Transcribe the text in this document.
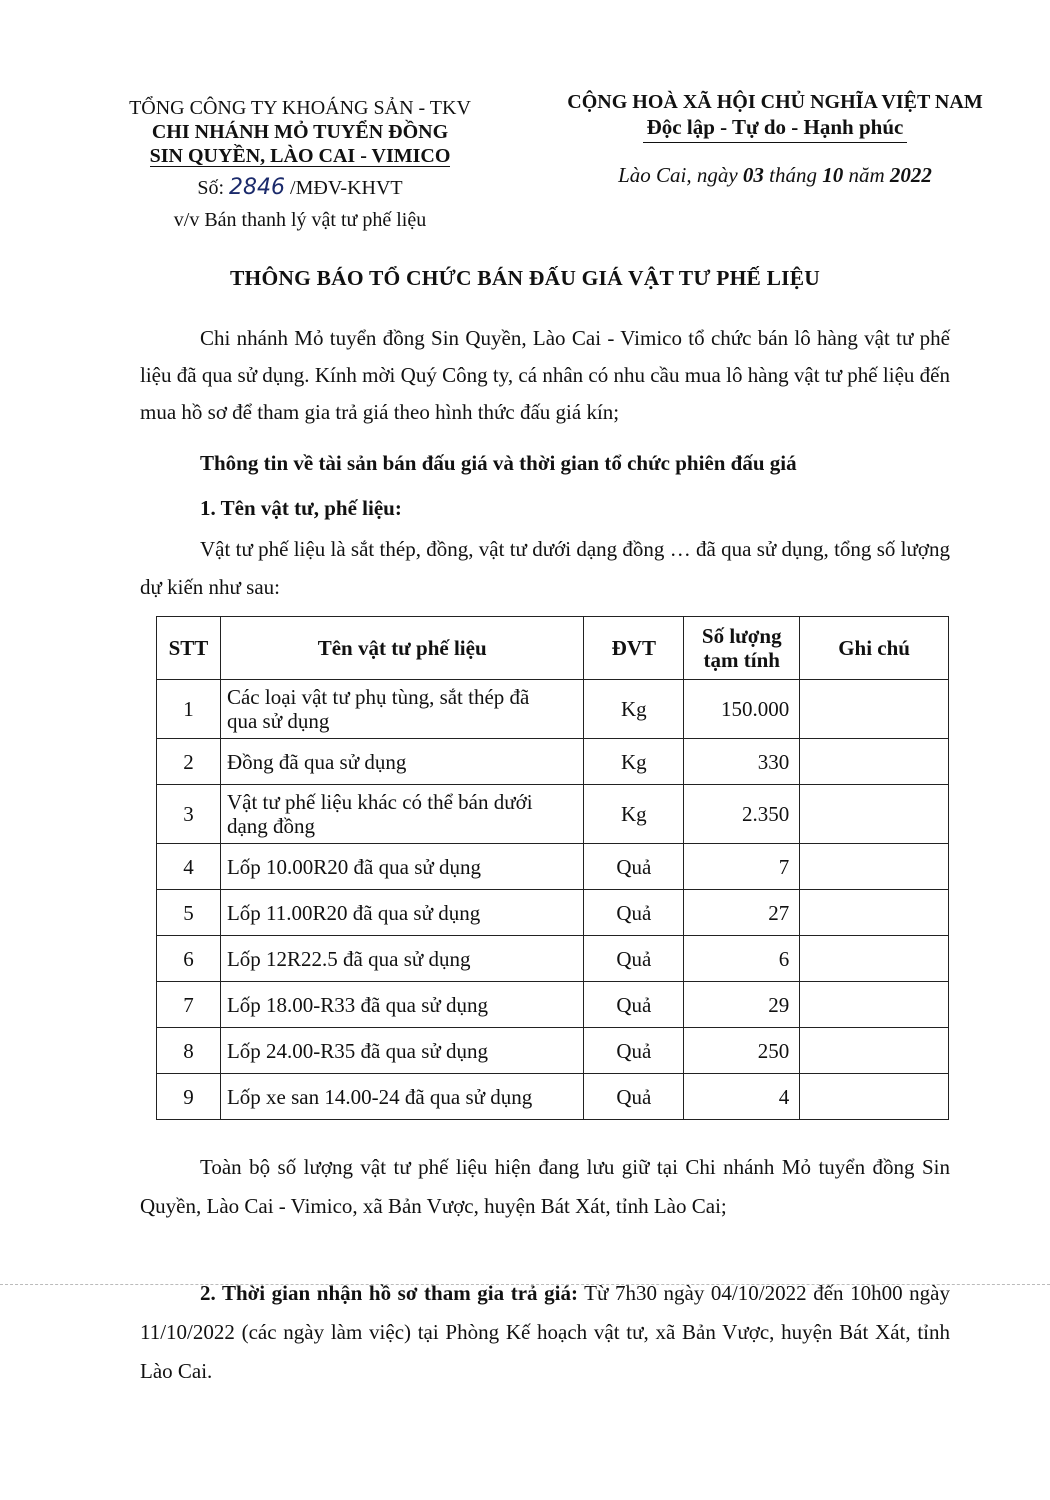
TỔNG CÔNG TY KHOÁNG SẢN - TKV
CHI NHÁNH MỎ TUYỂN ĐỒNG
SIN QUYỀN, LÀO CAI - VIMICO
Số: 2846 /MĐV-KHVT
v/v Bán thanh lý vật tư phế liệu
CỘNG HOÀ XÃ HỘI CHỦ NGHĨA VIỆT NAM
Độc lập - Tự do - Hạnh phúc
Lào Cai, ngày 03 tháng 10 năm 2022
THÔNG BÁO TỔ CHỨC BÁN ĐẤU GIÁ VẬT TƯ PHẾ LIỆU
Chi nhánh Mỏ tuyển đồng Sin Quyền, Lào Cai - Vimico tổ chức bán lô hàng vật tư phế liệu đã qua sử dụng. Kính mời Quý Công ty, cá nhân có nhu cầu mua lô hàng vật tư phế liệu đến mua hồ sơ để tham gia trả giá theo hình thức đấu giá kín;
Thông tin về tài sản bán đấu giá và thời gian tổ chức phiên đấu giá
1. Tên vật tư, phế liệu:
Vật tư phế liệu là sắt thép, đồng, vật tư dưới dạng đồng … đã qua sử dụng, tổng số lượng dự kiến như sau:
STT	Tên vật tư phế liệu	ĐVT	Số lượng
tạm tính	Ghi chú
1	Các loại vật tư phụ tùng, sắt thép đã
qua sử dụng	Kg	150.000	
2	Đồng đã qua sử dụng	Kg	330	
3	Vật tư phế liệu khác có thể bán dưới
dạng đồng	Kg	2.350	
4	Lốp 10.00R20 đã qua sử dụng	Quả	7	
5	Lốp 11.00R20 đã qua sử dụng	Quả	27	
6	Lốp 12R22.5 đã qua sử dụng	Quả	6	
7	Lốp 18.00-R33 đã qua sử dụng	Quả	29	
8	Lốp 24.00-R35 đã qua sử dụng	Quả	250	
9	Lốp xe san 14.00-24 đã qua sử dụng	Quả	4	
Toàn bộ số lượng vật tư phế liệu hiện đang lưu giữ tại Chi nhánh Mỏ tuyển đồng Sin Quyền, Lào Cai - Vimico, xã Bản Vược, huyện Bát Xát, tỉnh Lào Cai;
2. Thời gian nhận hồ sơ tham gia trả giá: Từ 7h30 ngày 04/10/2022 đến 10h00 ngày 11/10/2022 (các ngày làm việc) tại Phòng Kế hoạch vật tư, xã Bản Vược, huyện Bát Xát, tỉnh Lào Cai.
